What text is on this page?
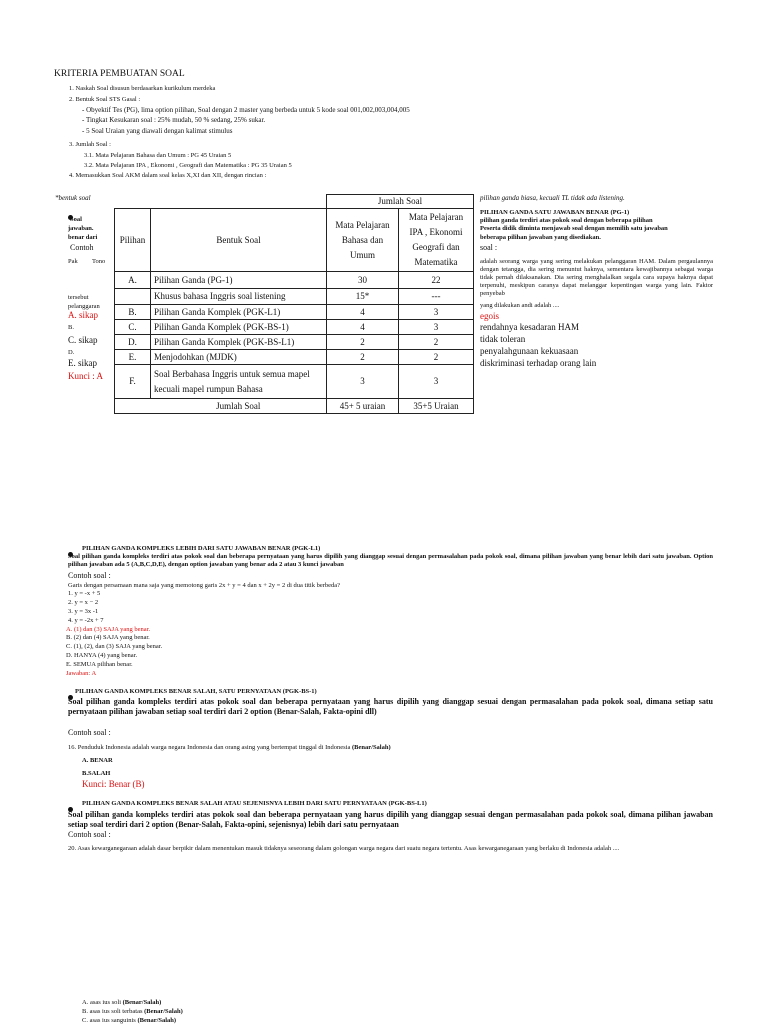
KRITERIA PEMBUATAN SOAL
1. Naskah Soal disusun berdasarkan kurikulum merdeka
2. Bentuk Soal STS Gasal :
- Obyektif Tes (PG), lima option pilihan, Soal dengan 2 master yang berbeda untuk 5 kode soal 001,002,003,004,005
- Tingkat Kesukaran soal : 25% mudah, 50 % sedang, 25% sukar.
- 5 Soal Uraian yang diawali dengan kalimat stimulus
3. Jumlah Soal :
3.1. Mata Pelajaran Bahasa dan Umum : PG 45 Uraian 5
3.2. Mata Pelajaran IPA , Ekonomi , Geografi dan Matematika : PG 35 Uraian 5
4. Memasukkan Soal AKM dalam soal kelas X,XI dan XII, dengan rincian :
*bentuk soal
Soal
jawaban.
benar dari
Contoh
Pak Tono
tersebut
pelanggaran
A. sikap
B.
C. sikap
D.
E. sikap
Kunci : A
		Jumlah Soal	
Pilihan	Bentuk Soal	Mata Pelajaran Bahasa dan Umum	Mata Pelajaran IPA , Ekonomi Geografi dan Matematika
A.	Pilihan Ganda (PG-1)	30	22
	Khusus bahasa Inggris soal listening	15*	---
B.	Pilihan Ganda Komplek (PGK-L1)	4	3
C.	Pilihan Ganda Komplek (PGK-BS-1)	4	3
D.	Pilihan Ganda Komplek (PGK-BS-L1)	2	2
E.	Menjodohkan (MJDK)	2	2
F.	Soal Berbahasa Inggris untuk semua mapel kecuali mapel rumpun Bahasa	3	3
	Jumlah Soal	45+ 5 uraian	35+5 Uraian
pilihan ganda biasa, kecuali TL tidak ada listening.
PILIHAN GANDA SATU JAWABAN BENAR (PG-1)
pilihan ganda terdiri atas pokok soal dengan beberapa pilihan
Peserta didik diminta menjawab soal dengan memilih satu jawaban
beberapa pilihan jawaban yang disediakan.
soal :
adalah seorang warga yang sering melakukan pelanggaran HAM. Dalam pergaulannya dengan tetangga, dia sering menuntut haknya, sementara kewajibannya sebagai warga tidak pernah dilaksanakan. Dia sering menghalalkan segala cara supaya haknya dapat terpenuhi, meskipun caranya dapat melanggar kepentingan warga yang lain. Faktor penyebab
yang dilakukan andi adalah ....
egois
rendahnya kesadaran HAM
tidak toleran
penyalahgunaan kekuasaan
diskriminasi terhadap orang lain
PILIHAN GANDA KOMPLEKS LEBIH DARI SATU JAWABAN BENAR (PGK-L1)
Soal pilihan ganda kompleks terdiri atas pokok soal dan beberapa pernyataan yang harus dipilih yang dianggap sesuai dengan permasalahan pada pokok soal, dimana pilihan jawaban yang benar lebih dari satu jawaban. Option pilihan jawaban ada 5 (A,B,C,D,E), dengan option jawaban yang benar ada 2 atau 3 kunci jawaban
Contoh soal :
Garis dengan persamaan mana saja yang memotong garis 2x + y = 4 dan x + 2y = 2 di dua titik berbeda?
1. y = -x + 5
2. y = x − 2
3. y = 3x -1
4. y = -2x + 7
A. (1) dan (3) SAJA yang benar.
B. (2) dan (4) SAJA yang benar.
C. (1), (2), dan (3) SAJA yang benar.
D. HANYA (4) yang benar.
E. SEMUA pilihan benar.
Jawaban: A
PILIHAN GANDA KOMPLEKS BENAR SALAH, SATU PERNYATAAN (PGK-BS-1)
Soal pilihan ganda kompleks terdiri atas pokok soal dan beberapa pernyataan yang harus dipilih yang dianggap sesuai dengan permasalahan pada pokok soal, dimana setiap satu pernyataan pilihan jawaban setiap soal terdiri dari 2 option (Benar-Salah, Fakta-opini dll)
Contoh soal :
16. Penduduk Indonesia adalah warga negara Indonesia dan orang asing yang bertempat tinggal di Indonesia (Benar/Salah)
A. BENAR
B.SALAH
Kunci: Benar (B)
PILIHAN GANDA KOMPLEKS BENAR SALAH ATAU SEJENISNYA LEBIH DARI SATU PERNYATAAN (PGK-BS-L1)
Soal pilihan ganda kompleks terdiri atas pokok soal dan beberapa pernyataan yang harus dipilih yang dianggap sesuai dengan permasalahan pada pokok soal, dimana pilihan jawaban setiap soal terdiri dari 2 option (Benar-Salah, Fakta-opini, sejenisnya) lebih dari satu pernyataan
Contoh soal :
20. Asas kewarganegaraan adalah dasar berpikir dalam menentukan masuk tidaknya seseorang dalam golongan warga negara dari suatu negara tertentu. Asas kewarganegaraan yang berlaku di Indonesia adalah ....
A. asas ius soli (Benar/Salah)
B. asas ius soli terbatas (Benar/Salah)
C. asas ius sanguinis (Benar/Salah)
